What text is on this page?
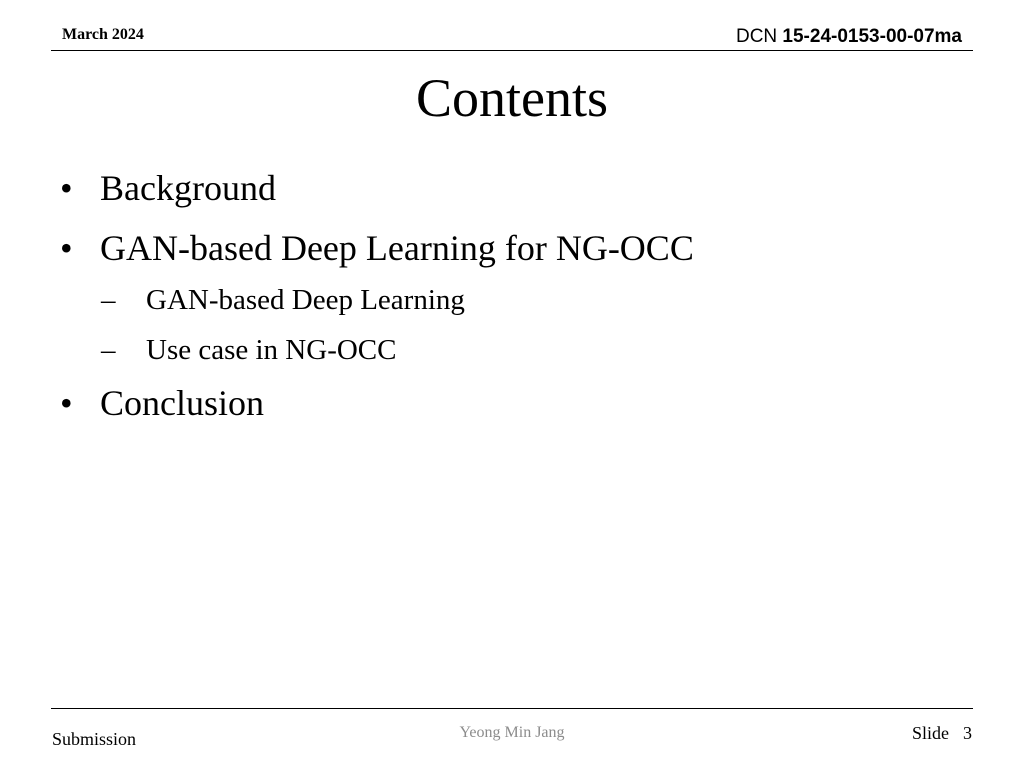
March 2024	DCN 15-24-0153-00-07ma
Contents
• Background
• GAN-based Deep Learning for NG-OCC
– GAN-based Deep Learning
– Use case in NG-OCC
• Conclusion
Submission	Yeong Min Jang	Slide 3
